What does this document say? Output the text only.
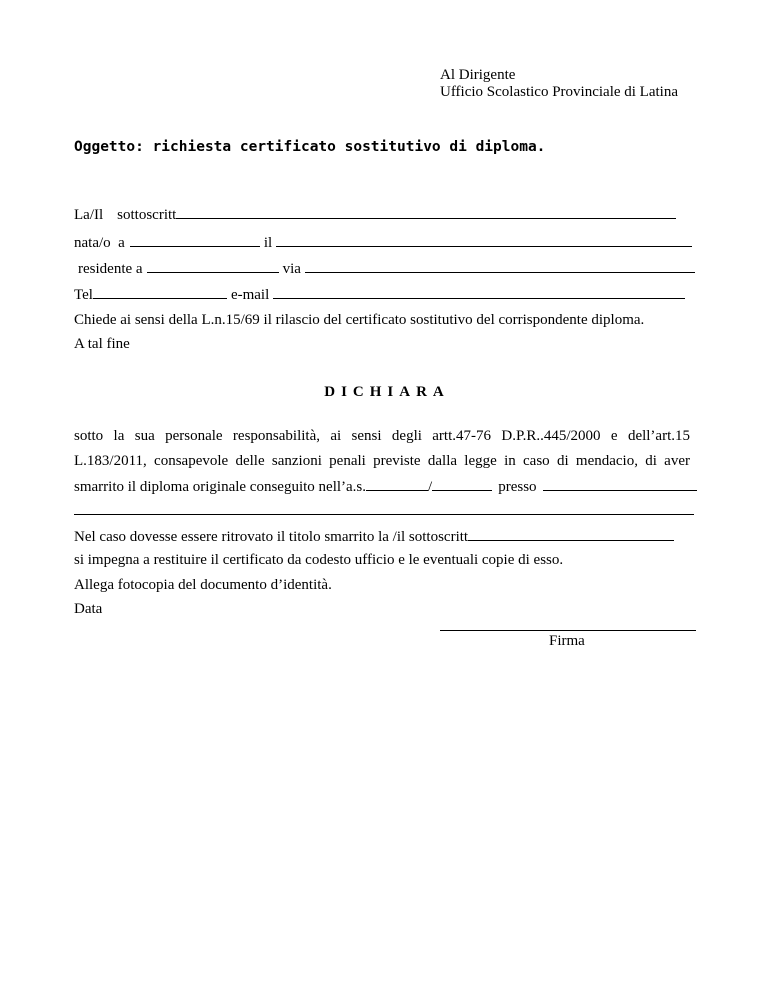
Al Dirigente
Ufficio Scolastico Provinciale di Latina
Oggetto: richiesta certificato sostitutivo di diploma.
La/Il sottoscritt
nata/o  a	il
residente a	via
Tel	e-mail
Chiede ai sensi della L.n.15/69 il rilascio del certificato sostitutivo del corrispondente diploma.
A tal fine
DICHIARA
sotto la sua personale responsabilità, ai sensi degli artt.47-76 D.P.R..445/2000 e dell’art.15
L.183/2011, consapevole delle sanzioni penali previste dalla legge in caso di mendacio, di aver
smarrito il diploma originale conseguito nell’a.s.	/	presso
Nel caso dovesse essere ritrovato il titolo smarrito la /il sottoscritt
si impegna a restituire il certificato da codesto ufficio e le eventuali copie di esso.
Allega fotocopia del documento d’identità.
Data
Firma
